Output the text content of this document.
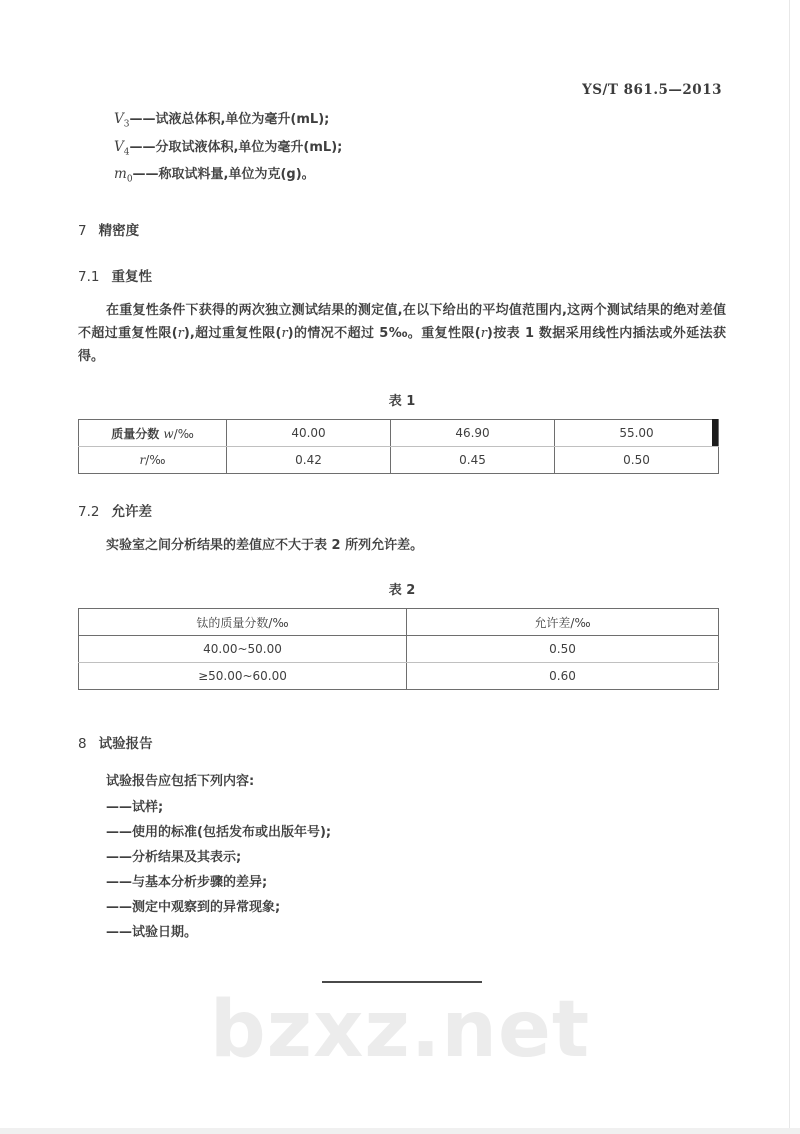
YS/T 861.5—2013
$V_3——$试液总体积,单位为毫升(mL);
$V_4——$分取试液体积,单位为毫升(mL);
$m_0——$称取试料量,单位为克(g)。
7 精密度
7.1 重复性

在重复性条件下获得的两次独立测试结果的测定值,在以下给出的平均值范围内,这两个测试结果的绝对差值不超过重复性限(r),超过重复性限(r)的情况不超过 5‰。重复性限(r)按表 1 数据采用线性内插法或外延法获得。

表 1
质量分数 w/‰	40.00	46.90	55.00
r/‰	0.42	0.45	0.50
7.2 允许差

实验室之间分析结果的差值应不大于表 2 所列允许差。

表 2
钛的质量分数/‰	允许差/‰
40.00~50.00	0.50
≥50.00~60.00	0.60
8 试验报告
试验报告应包括下列内容:
——试样;
——使用的标准(包括发布或出版年号);
——分析结果及其表示;
——与基本分析步骤的差异;
——测定中观察到的异常现象;
——试验日期。
bzxz.net
